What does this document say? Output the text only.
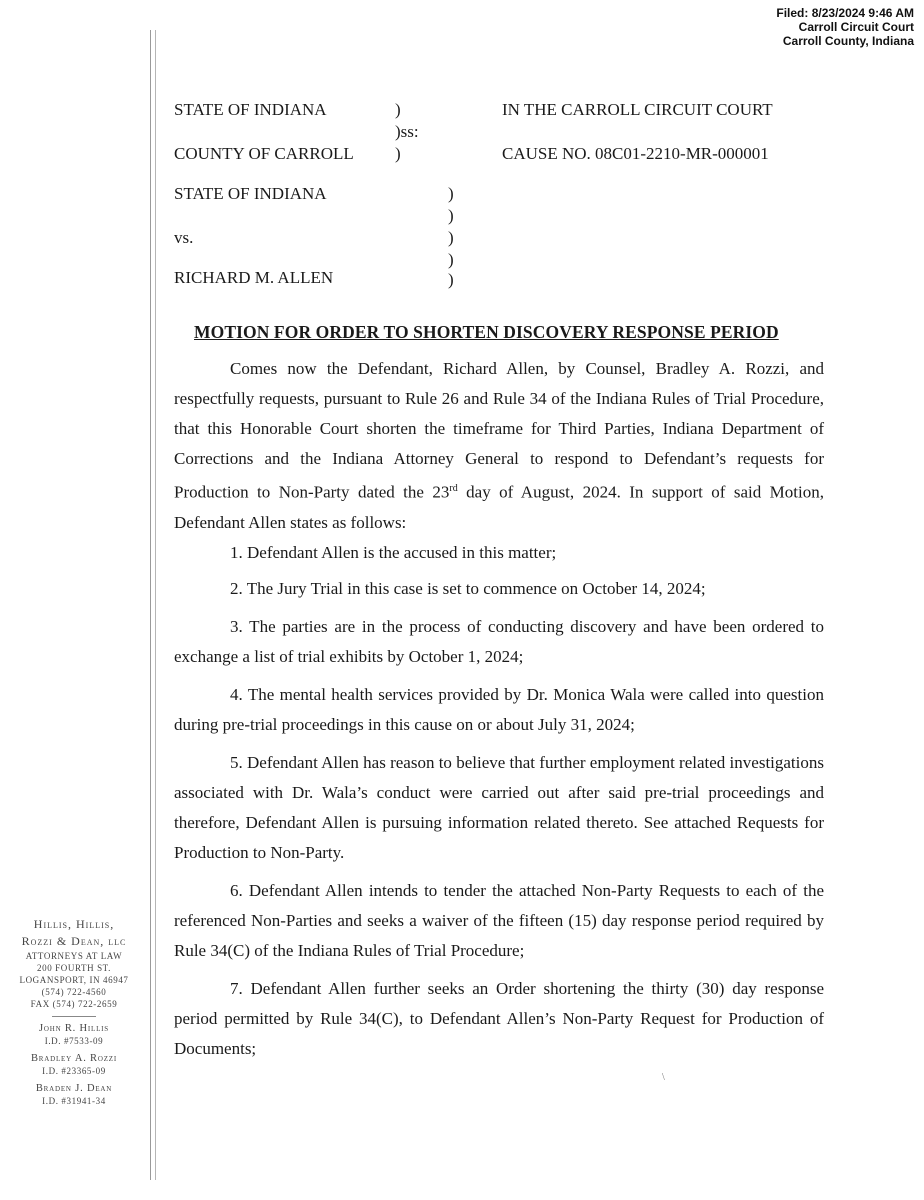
Filed: 8/23/2024 9:46 AM
Carroll Circuit Court
Carroll County, Indiana
STATE OF INDIANA	)
)ss:
COUNTY OF CARROLL )
IN THE CARROLL CIRCUIT COURT
CAUSE NO. 08C01-2210-MR-000001
STATE OF INDIANA
vs.
RICHARD M. ALLEN
)
)
)
)
)
MOTION FOR ORDER TO SHORTEN DISCOVERY RESPONSE PERIOD

Comes now the Defendant, Richard Allen, by Counsel, Bradley A. Rozzi, and respectfully requests, pursuant to Rule 26 and Rule 34 of the Indiana Rules of Trial Procedure, that this Honorable Court shorten the timeframe for Third Parties, Indiana Department of Corrections and the Indiana Attorney General to respond to Defendant’s requests for Production to Non-Party dated the 23rd day of August, 2024. In support of said Motion, Defendant Allen states as follows:

1. Defendant Allen is the accused in this matter;

2. The Jury Trial in this case is set to commence on October 14, 2024;

3. The parties are in the process of conducting discovery and have been ordered to exchange a list of trial exhibits by October 1, 2024;

4. The mental health services provided by Dr. Monica Wala were called into question during pre-trial proceedings in this cause on or about July 31, 2024;

5. Defendant Allen has reason to believe that further employment related investigations associated with Dr. Wala’s conduct were carried out after said pre-trial proceedings and therefore, Defendant Allen is pursuing information related thereto. See attached Requests for Production to Non-Party.

6. Defendant Allen intends to tender the attached Non-Party Requests to each of the referenced Non-Parties and seeks a waiver of the fifteen (15) day response period required by Rule 34(C) of the Indiana Rules of Trial Procedure;

7. Defendant Allen further seeks an Order shortening the thirty (30) day response period permitted by Rule 34(C), to Defendant Allen’s Non-Party Request for Production of Documents;

Hillis, Hillis,
Rozzi & Dean, llc
ATTORNEYS AT LAW
200 FOURTH ST.
LOGANSPORT, IN 46947
(574) 722-4560
FAX (574) 722-2659
John R. Hillis
I.D. #7533-09
Bradley A. Rozzi
I.D. #23365-09
Braden J. Dean
I.D. #31941-34
\
